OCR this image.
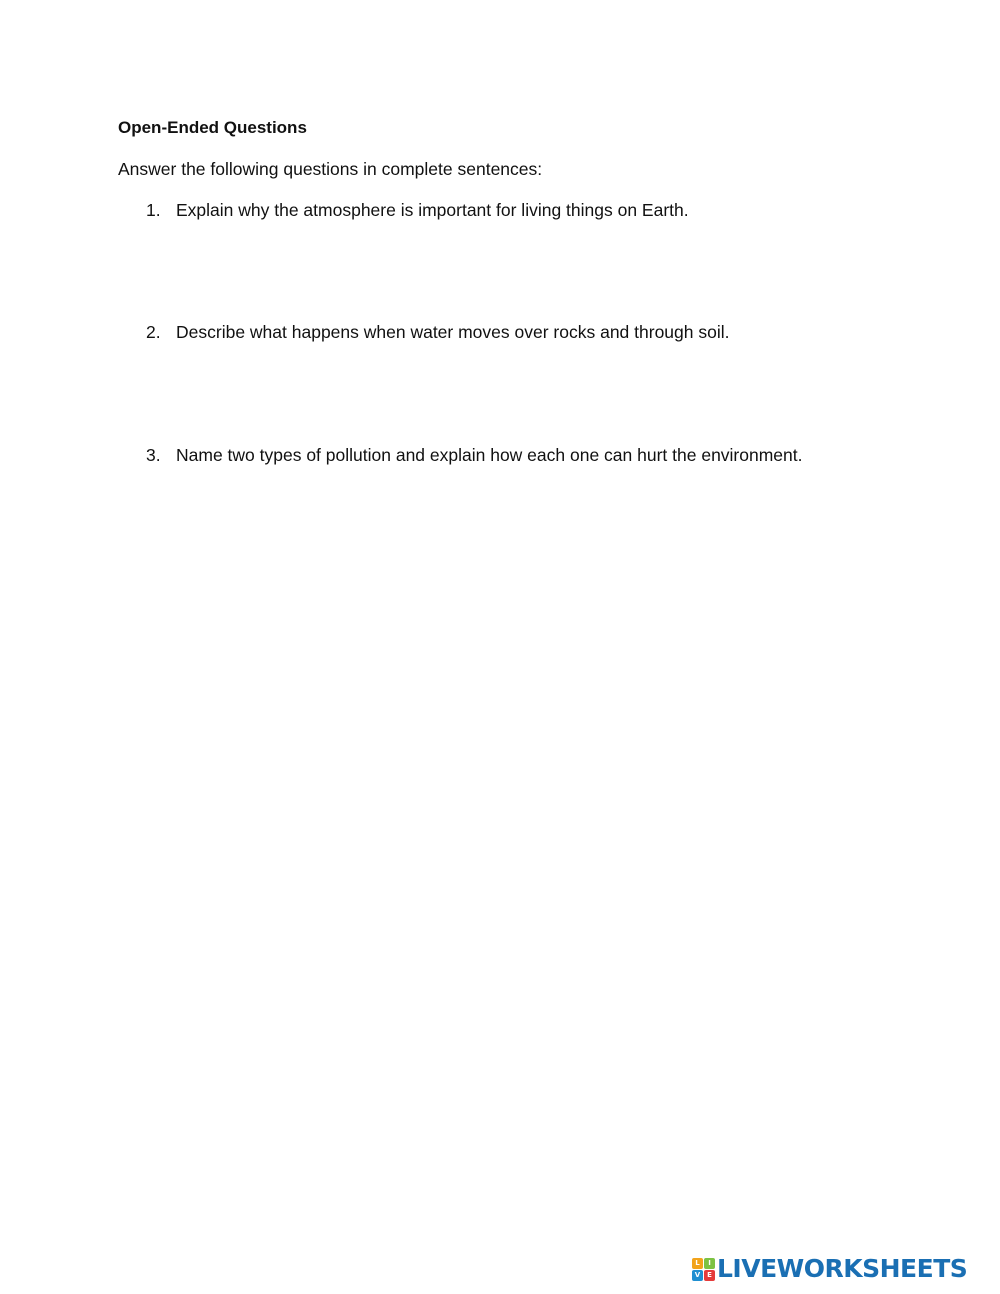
Open-Ended Questions

Answer the following questions in complete sentences:

1. Explain why the atmosphere is important for living things on Earth.
2. Describe what happens when water moves over rocks and through soil.
3. Name two types of pollution and explain how each one can hurt the environment.
L	I
V E LIVEWORKSHEETS
